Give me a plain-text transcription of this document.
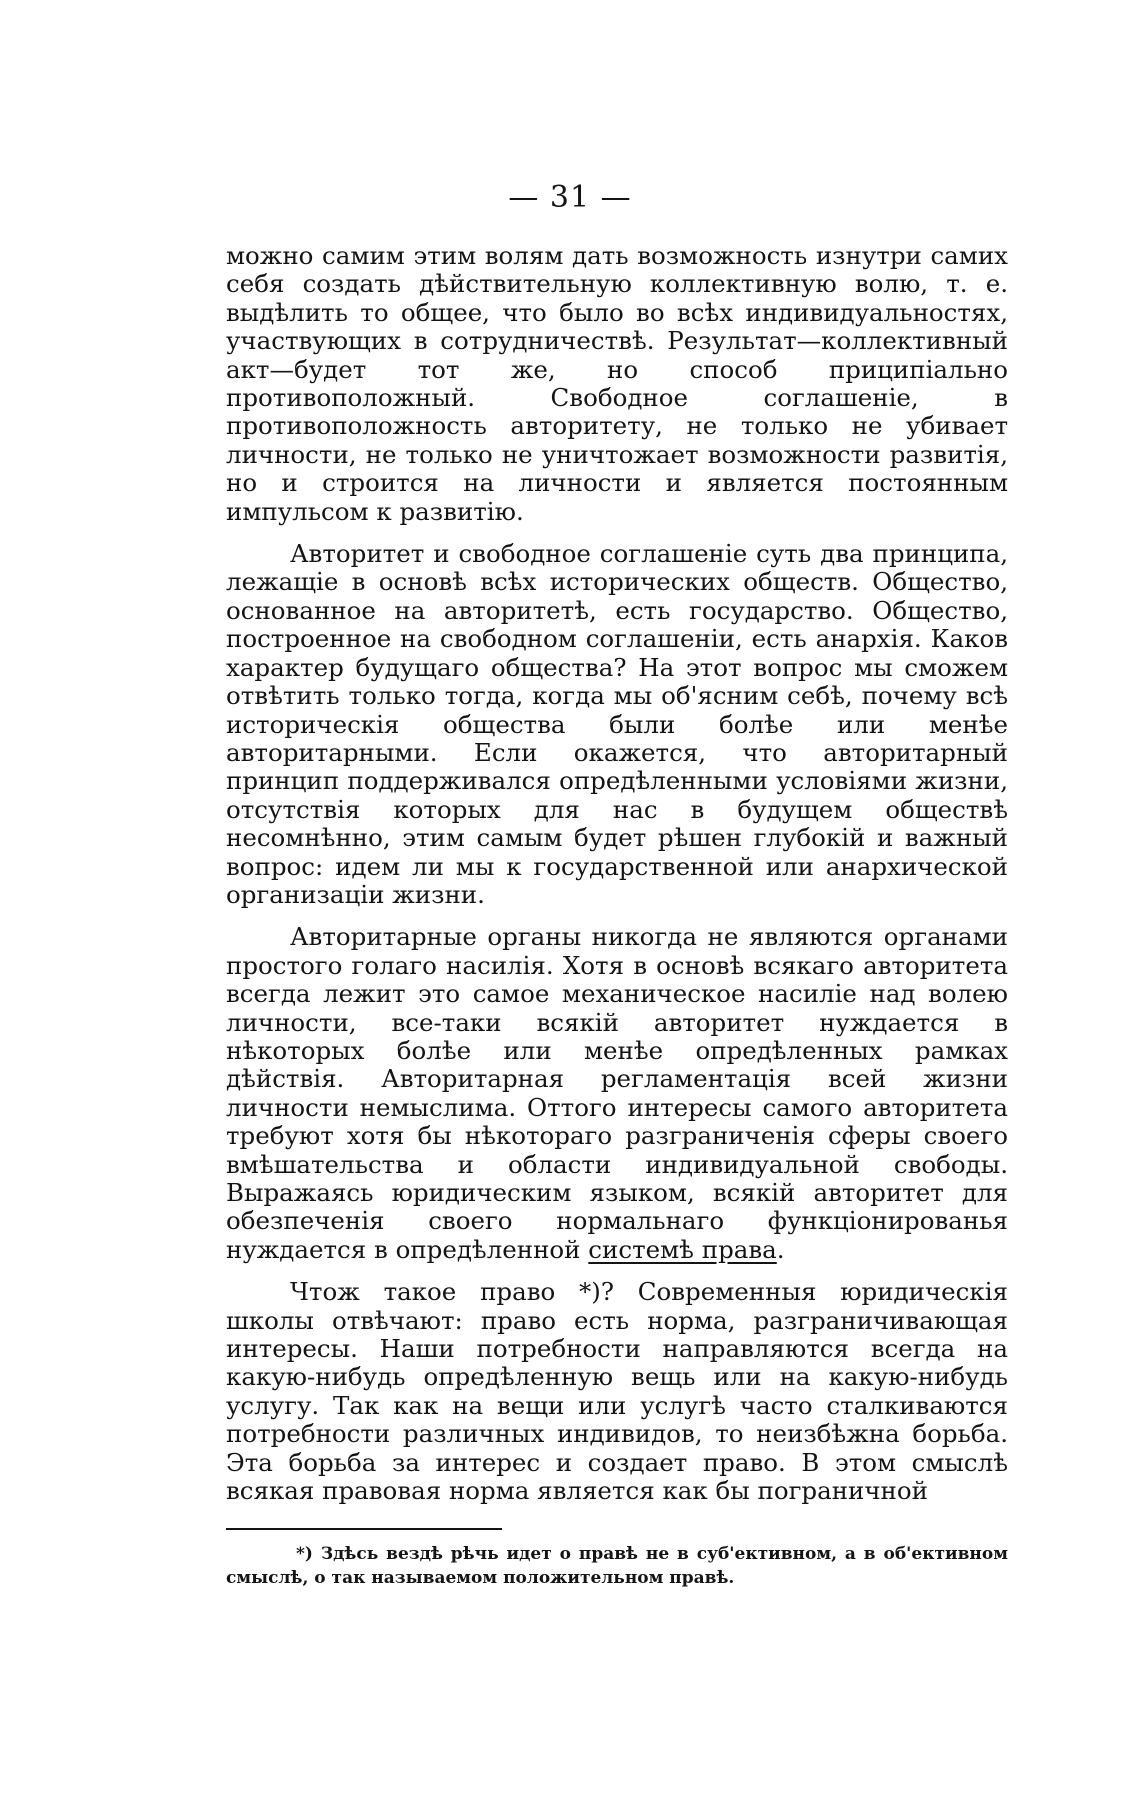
— 31 —

можно самим этим волям дать возможность изнутри самих себя создать дѣйствительную коллективную волю, т. е. выдѣлить то общее, что было во всѣх индивидуальностях, участвующих в сотрудничествѣ. Результат—коллективный акт—будет тот же, но способ приципіально противоположный. Свободное соглашеніе, в противоположность авторитету, не только не убивает личности, не только не уничтожает возможности развитія, но и строится на личности и является постоянным импульсом к развитію.

Авторитет и свободное соглашеніе суть два принципа, лежащіе в основѣ всѣх исторических обществ. Общество, основанное на авторитетѣ, есть государство. Общество, построенное на свободном соглашеніи, есть анархія. Каков характер будущаго общества? На этот вопрос мы сможем отвѣтить только тогда, когда мы об'ясним себѣ, почему всѣ историческія общества были болѣе или менѣе авторитарными. Если окажется, что авторитарный принцип поддерживался опредѣленными условіями жизни, отсутствія которых для нас в будущем обществѣ несомнѣнно, этим самым будет рѣшен глубокій и важный вопрос: идем ли мы к государственной или анархической организаціи жизни.

Авторитарные органы никогда не являются органами простого голаго насилія. Хотя в основѣ всякаго авторитета всегда лежит это самое механическое насиліе над волею личности, все-таки всякій авторитет нуждается в нѣкоторых болѣе или менѣе опредѣленных рамках дѣйствія. Авторитарная регламентація всей жизни личности немыслима. Оттого интересы самого авторитета требуют хотя бы нѣкотораго разграниченія сферы своего вмѣшательства и области индивидуальной свободы. Выражаясь юридическим языком, всякій авторитет для обезпеченія своего нормальнаго функціонированья нуждается в опредѣленной системѣ права.

Чтож такое право *)? Современныя юридическія школы отвѣчают: право есть норма, разграничивающая интересы. Наши потребности направляются всегда на какую-нибудь опредѣленную вещь или на какую-нибудь услугу. Так как на вещи или услугѣ часто сталкиваются потребности различных индивидов, то неизбѣжна борьба. Эта борьба за интерес и создает право. В этом смыслѣ всякая правовая норма является как бы пограничной

*) Здѣсь вездѣ рѣчь идет о правѣ не в суб'ективном, а в об'ективном смыслѣ, о так называемом положительном правѣ.
